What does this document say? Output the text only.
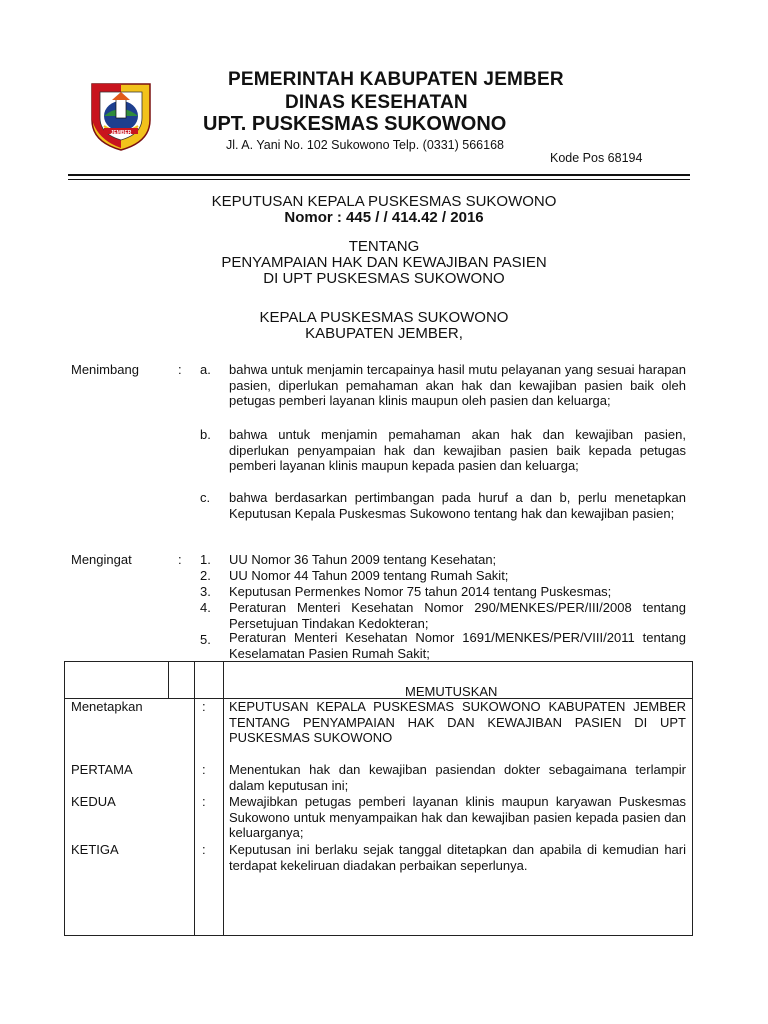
JEMBER
PEMERINTAH KABUPATEN JEMBER
DINAS KESEHATAN
UPT. PUSKESMAS SUKOWONO
Jl. A. Yani No. 102 Sukowono Telp. (0331) 566168
Kode Pos 68194
KEPUTUSAN KEPALA PUSKESMAS SUKOWONO
Nomor : 445 / / 414.42 / 2016
TENTANG
PENYAMPAIAN HAK DAN KEWAJIBAN PASIEN
DI UPT PUSKESMAS SUKOWONO
KEPALA PUSKESMAS SUKOWONO
KABUPATEN JEMBER,
Menimbang	: a. bahwa untuk menjamin tercapainya hasil mutu pelayanan yang sesuai harapan pasien, diperlukan pemahaman akan hak dan kewajiban pasien baik oleh petugas pemberi layanan klinis maupun oleh pasien dan keluarga;
b. bahwa untuk menjamin pemahaman akan hak dan kewajiban pasien, diperlukan penyampaian hak dan kewajiban pasien baik kepada petugas pemberi layanan klinis maupun kepada pasien dan keluarga;
c. bahwa berdasarkan pertimbangan pada huruf a dan b, perlu menetapkan Keputusan Kepala Puskesmas Sukowono tentang hak dan kewajiban pasien;
Mengingat	: 1. UU Nomor 36 Tahun 2009 tentang Kesehatan;
2. UU Nomor 44 Tahun 2009 tentang Rumah Sakit;
3. Keputusan Permenkes Nomor 75 tahun 2014 tentang Puskesmas;
4. Peraturan Menteri Kesehatan Nomor 290/MENKES/PER/III/2008 tentang Persetujuan Tindakan Kedokteran;
5. Peraturan Menteri Kesehatan Nomor 1691/MENKES/PER/VIII/2011 tentang Keselamatan Pasien Rumah Sakit;
MEMUTUSKAN
Menetapkan	: KEPUTUSAN KEPALA PUSKESMAS SUKOWONO KABUPATEN JEMBER TENTANG PENYAMPAIAN HAK DAN KEWAJIBAN PASIEN DI UPT PUSKESMAS SUKOWONO
PERTAMA	: Menentukan hak dan kewajiban pasiendan dokter sebagaimana terlampir dalam keputusan ini;
KEDUA	: Mewajibkan petugas pemberi layanan klinis maupun karyawan Puskesmas Sukowono untuk menyampaikan hak dan kewajiban pasien kepada pasien dan keluarganya;
KETIGA	: Keputusan ini berlaku sejak tanggal ditetapkan dan apabila di kemudian hari terdapat kekeliruan diadakan perbaikan seperlunya.
